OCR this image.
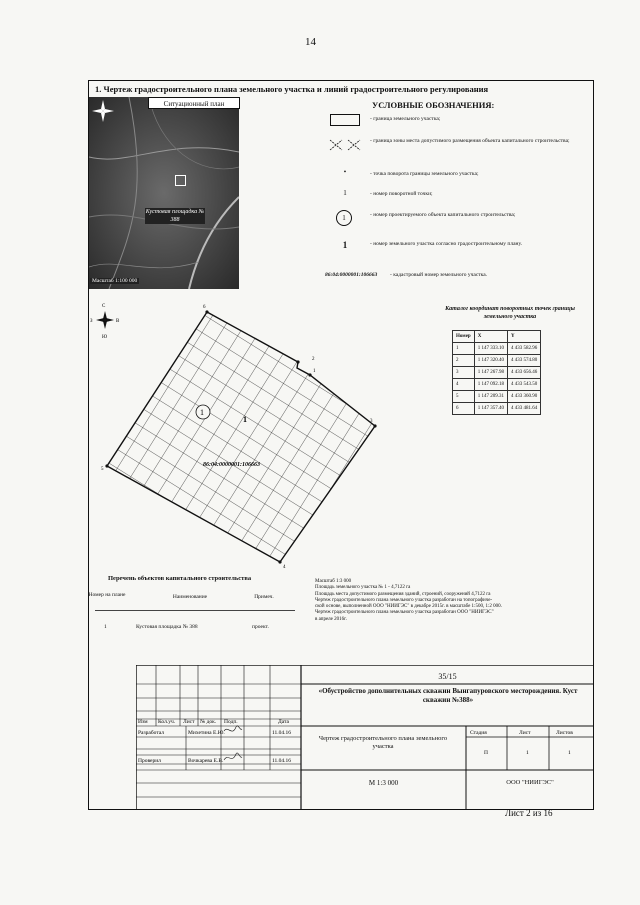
14
1. Чертеж градостроительного плана земельного участка и линий градостроительного регулирования
Ситуационный план
Кустовая площадка № 388
Масштаб 1:100 000
УСЛОВНЫЕ ОБОЗНАЧЕНИЯ:
- граница земельного участка;
- граница зоны места допустимого размещения объекта капитального строительства;
•	- точка поворота границы земельного участка;
1	- номер поворотной точки;
1	- номер проектируемого объекта капитального строительства;
1	- номер земельного участка согласно градостроительному плану.
86:04:0000001:106663 - кадастровый номер земельного участка.
Каталог координат поворотных точек границы земельного участка
Номер	X	Y
1	1 147 333.10	4 433 582.96
2	1 147 320.40	4 433 574.80
3	1 147 267.98	4 433 656.46
4	1 147 092.18	4 433 543.50
5	1 147 209.31	4 433 360.90
6	1 147 357.40	4 433 481.64
С
Ю
З	В
6
2
1
3
4
5
1
1
86:04:0000001:106663
Перечень объектов капитального строительства
Номер на плане	Наименование	Примеч.
1	Кустовая площадка № 388	проект.
Масштаб 1:3 000
Площадь земельного участка № 1 - 4,7122 га
Площадь места допустимого размещения зданий, строений, сооружений 4,7122 га
Чертеж градостроительного плана земельного участка разработан на топографиче-
ской основе, выполненной ООО "НИИГЭС" в декабре 2015г. в масштабе 1:500, 1:2 000.
Чертеж градостроительного плана земельного участка разработан ООО "НИИГЭС"
в апреле 2016г.
Изм Кол.уч. Лист № док. Подп.	Дата
Разработал	Михетина Е.Ю.	11.04.16
Проверил	Вочкарева Е.В.	11.04.16
Стадия	Лист	Листов
П	1	1
35/15
«Обустройство дополнительных скважин Вынгапуровского месторождения. Куст скважин №388»
Чертеж градостроительного плана земельного участка
М 1:3 000	ООО "НИИГЭС"
Лист 2 из 16
